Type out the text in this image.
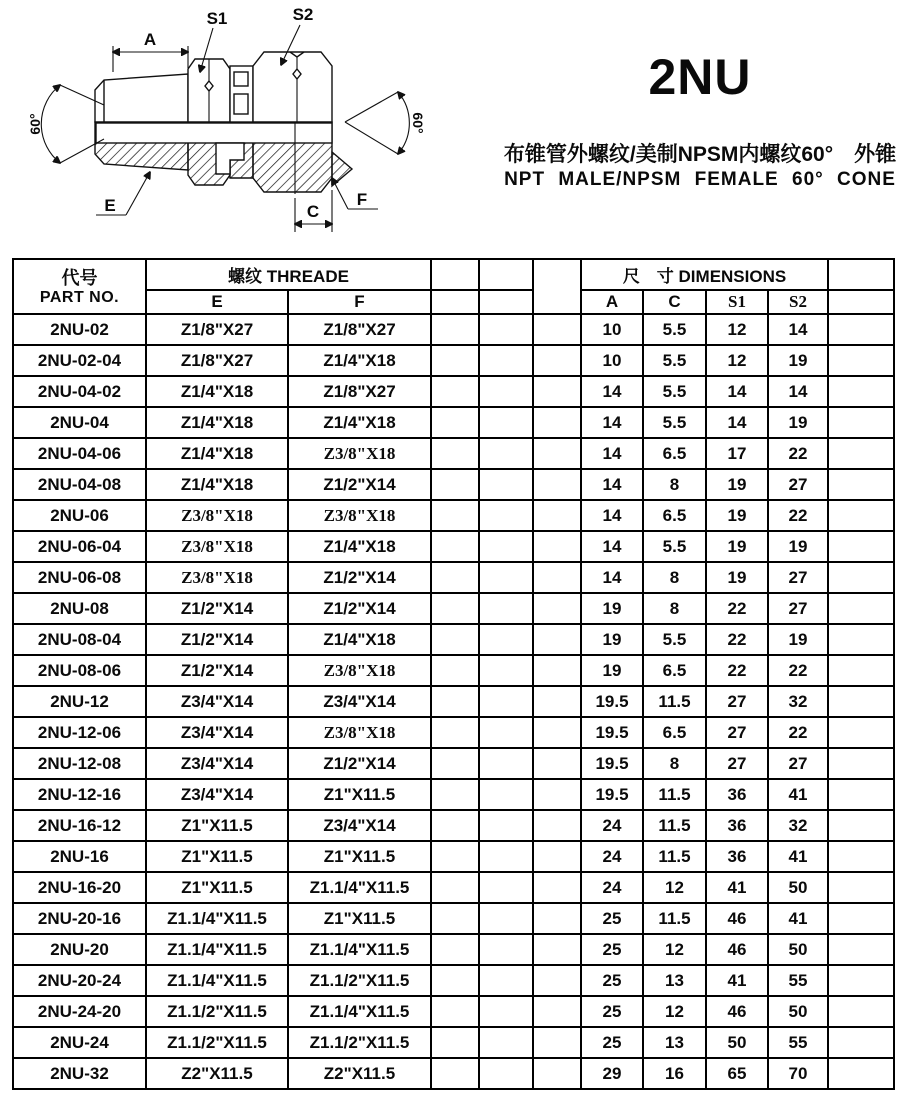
A
S1	S2
60°	60°
E	F
C
2NU
布锥管外螺纹/美制NPSM内螺纹60°　外锥
NPT MALE/NPSM FEMALE 60° CONE
代号
PART NO.	螺纹 THREADE					尺　寸 DIMENSIONS				
	E	F				A	C	S1	S2	
2NU-02	Z1/8"X27	Z1/8"X27				10	5.5	12	14	
2NU-02-04	Z1/8"X27	Z1/4"X18				10	5.5	12	19	
2NU-04-02	Z1/4"X18	Z1/8"X27				14	5.5	14	14	
2NU-04	Z1/4"X18	Z1/4"X18				14	5.5	14	19	
2NU-04-06	Z1/4"X18	Z3/8"X18				14	6.5	17	22	
2NU-04-08	Z1/4"X18	Z1/2"X14				14	8	19	27	
2NU-06	Z3/8"X18	Z3/8"X18				14	6.5	19	22	
2NU-06-04	Z3/8"X18	Z1/4"X18				14	5.5	19	19	
2NU-06-08	Z3/8"X18	Z1/2"X14				14	8	19	27	
2NU-08	Z1/2"X14	Z1/2"X14				19	8	22	27	
2NU-08-04	Z1/2"X14	Z1/4"X18				19	5.5	22	19	
2NU-08-06	Z1/2"X14	Z3/8"X18				19	6.5	22	22	
2NU-12	Z3/4"X14	Z3/4"X14				19.5	11.5	27	32	
2NU-12-06	Z3/4"X14	Z3/8"X18				19.5	6.5	27	22	
2NU-12-08	Z3/4"X14	Z1/2"X14				19.5	8	27	27	
2NU-12-16	Z3/4"X14	Z1"X11.5				19.5	11.5	36	41	
2NU-16-12	Z1"X11.5	Z3/4"X14				24	11.5	36	32	
2NU-16	Z1"X11.5	Z1"X11.5				24	11.5	36	41	
2NU-16-20	Z1"X11.5	Z1.1/4"X11.5				24	12	41	50	
2NU-20-16	Z1.1/4"X11.5	Z1"X11.5				25	11.5	46	41	
2NU-20	Z1.1/4"X11.5	Z1.1/4"X11.5				25	12	46	50	
2NU-20-24	Z1.1/4"X11.5	Z1.1/2"X11.5				25	13	41	55	
2NU-24-20	Z1.1/2"X11.5	Z1.1/4"X11.5				25	12	46	50	
2NU-24	Z1.1/2"X11.5	Z1.1/2"X11.5				25	13	50	55	
2NU-32	Z2"X11.5	Z2"X11.5				29	16	65	70	
